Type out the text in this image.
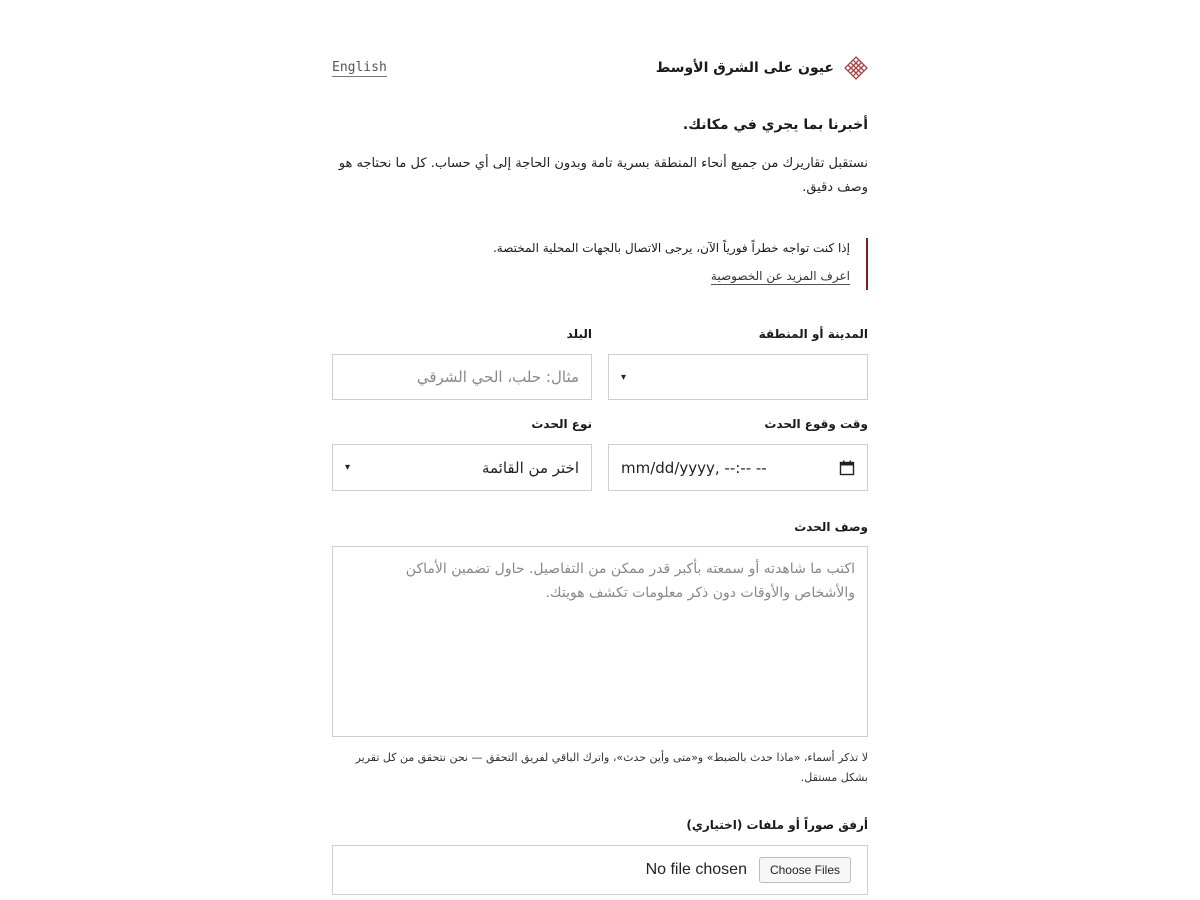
عيون على الشرق الأوسط
English
أخبرنا بما يجري في مكانك.
نستقبل تقاريرك من جميع أنحاء المنطقة بسرية تامة وبدون الحاجة إلى أي حساب. كل ما نحتاجه هو وصف دقيق.
إذا كنت تواجه خطراً فورياً الآن، يرجى الاتصال بالجهات المحلية المختصة.
اعرف المزيد عن الخصوصية
المدينة أو المنطقة
البلد
▾
مثال: حلب، الحي الشرقي
وقت وقوع الحدث
نوع الحدث
mm/dd/yyyy, --:-- --
اختر من القائمة
▾
وصف الحدث
اكتب ما شاهدته أو سمعته بأكبر قدر ممكن من التفاصيل. حاول تضمين الأماكن والأشخاص والأوقات دون ذكر معلومات تكشف هويتك.
لا تذكر أسماء، «ماذا حدث بالضبط» و«متى وأين حدث»، واترك الباقي لفريق التحقق — نحن نتحقق من كل تقرير بشكل مستقل.
أرفق صوراً أو ملفات (اختياري)
No file chosen	Choose Files
